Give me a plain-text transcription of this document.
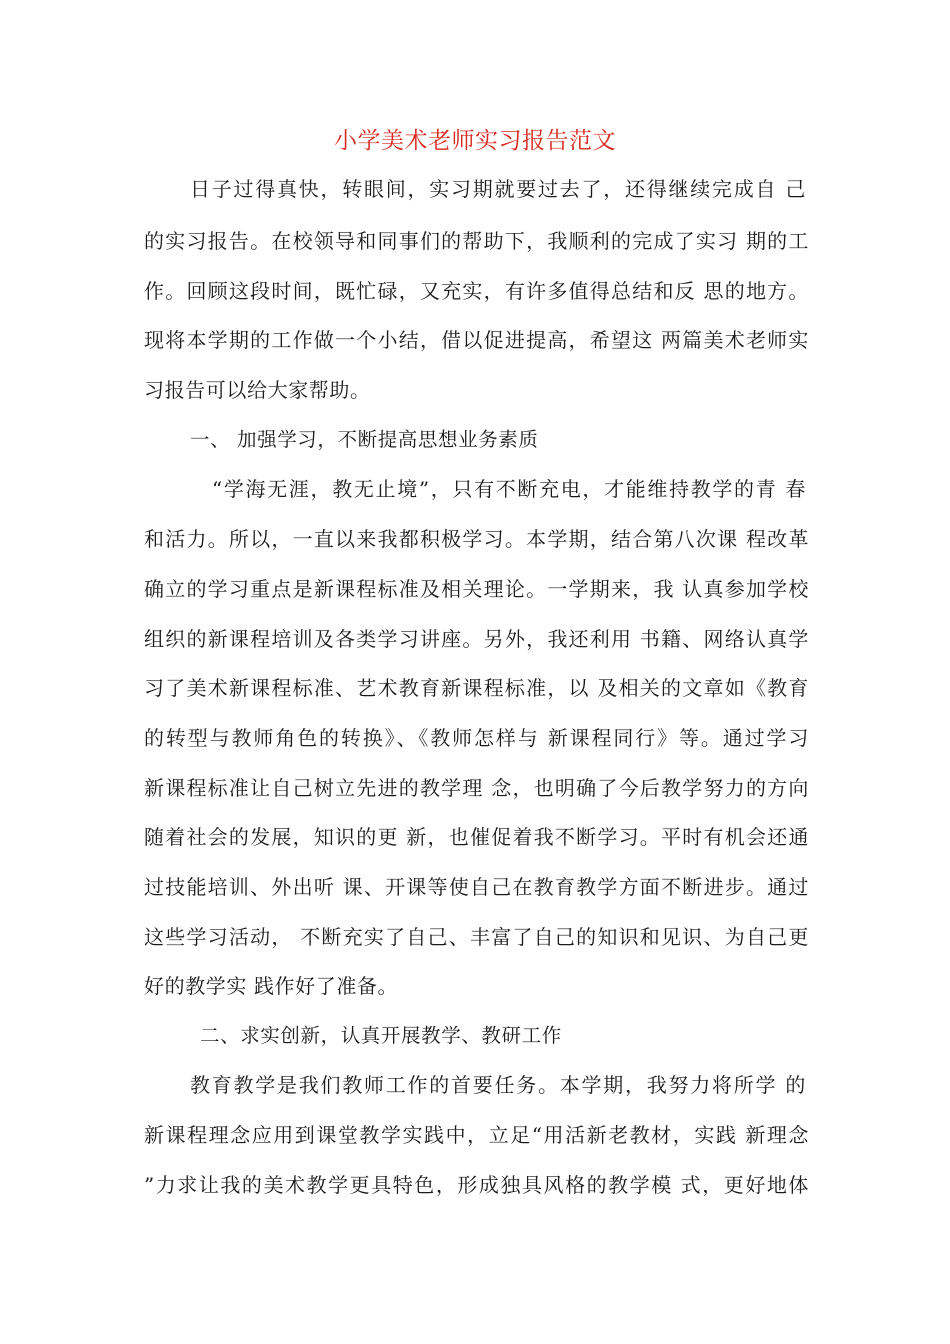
小学美术老师实习报告范文
日子过得真快，转眼间，实习期就要过去了，还得继续完成自 己
的实习报告。在校领导和同事们的帮助下，我顺利的完成了实习 期的工
作。回顾这段时间，既忙碌，又充实，有许多值得总结和反 思的地方。
现将本学期的工作做一个小结，借以促进提高，希望这 两篇美术老师实
习报告可以给大家帮助。
一、 加强学习，不断提高思想业务素质
“学海无涯，教无止境”，只有不断充电，才能维持教学的青 春
和活力。所以，一直以来我都积极学习。本学期，结合第八次课 程改革
确立的学习重点是新课程标准及相关理论。一学期来，我 认真参加学校
组织的新课程培训及各类学习讲座。另外，我还利用 书籍、网络认真学
习了美术新课程标准、艺术教育新课程标准，以 及相关的文章如《教育
的转型与教师角色的转换》、《教师怎样与 新课程同行》等。通过学习
新课程标准让自己树立先进的教学理 念，也明确了今后教学努力的方向
随着社会的发展，知识的更 新，也催促着我不断学习。平时有机会还通
过技能培训、外出听 课、开课等使自己在教育教学方面不断进步。通过
这些学习活动， 不断充实了自己、丰富了自己的知识和见识、为自己更
好的教学实 践作好了准备。
二、求实创新，认真开展教学、教研工作
教育教学是我们教师工作的首要任务。本学期，我努力将所学 的
新课程理念应用到课堂教学实践中，立足“用活新老教材，实践 新理念
”力求让我的美术教学更具特色，形成独具风格的教学模 式，更好地体
